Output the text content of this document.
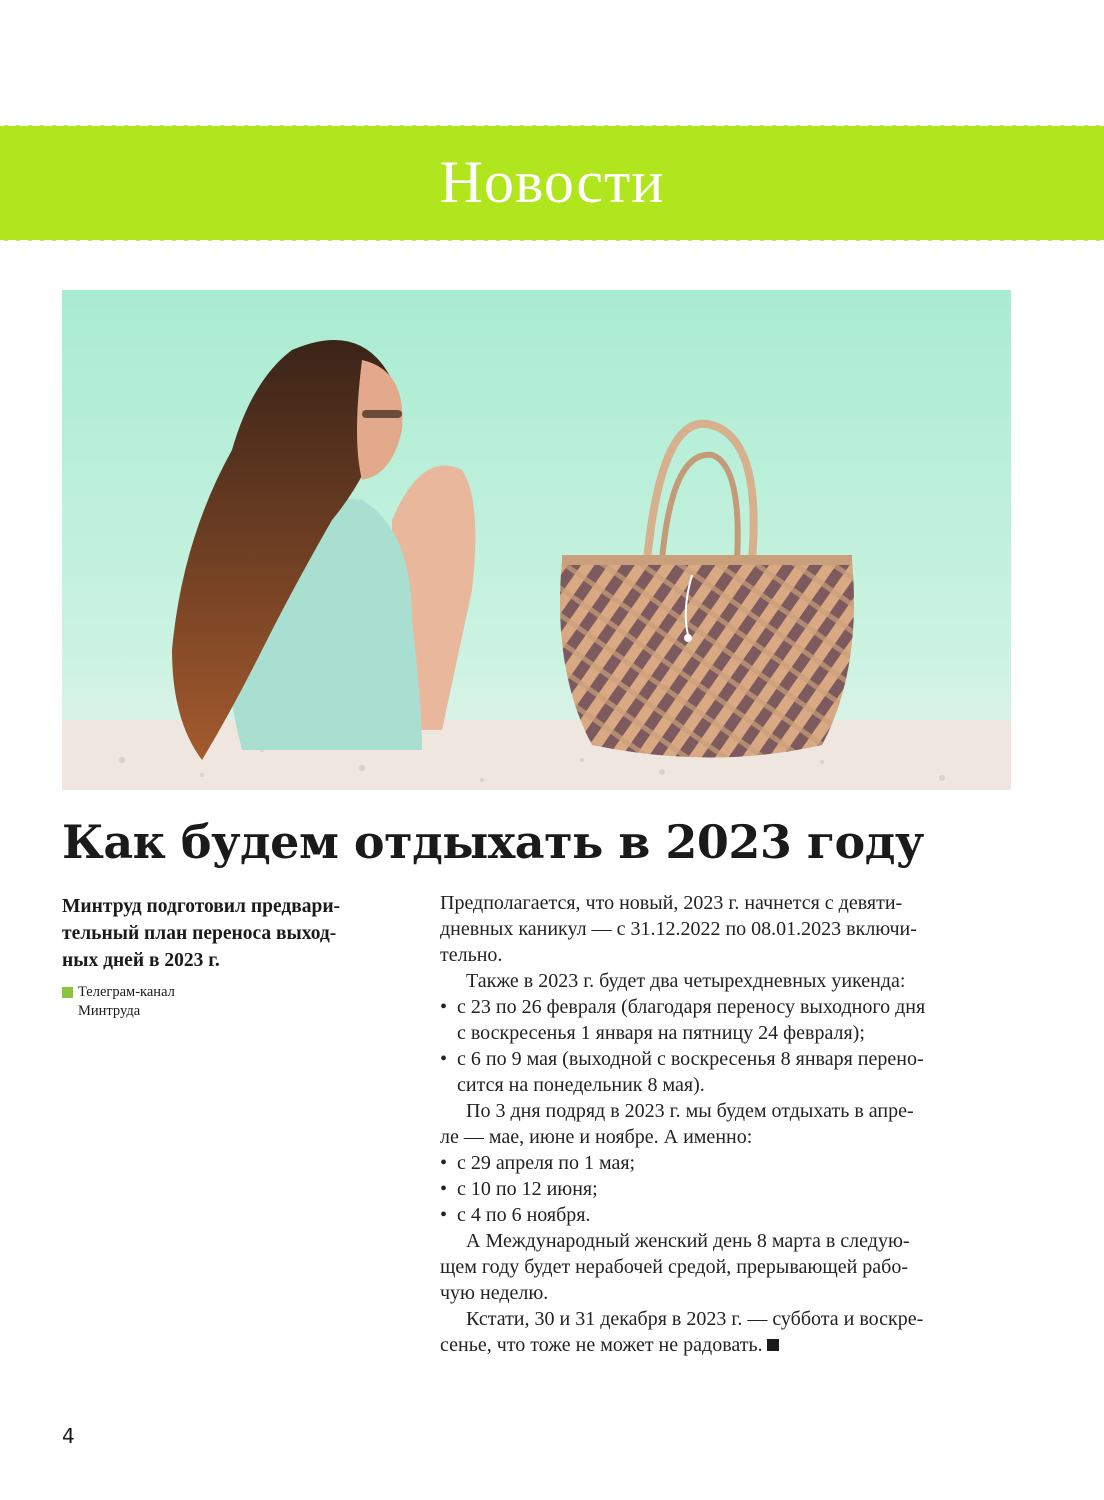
Новости
Как будем отдыхать в 2023 году

Минтруд подготовил предвари-
тельный план переноса выход-
ных дней в 2023 г.

Телеграм-канал
Минтруда
Предполагается, что новый, 2023 г. начнется с девяти-
дневных каникул — с 31.12.2022 по 08.01.2023 включи-
тельно.
Также в 2023 г. будет два четырехдневных уикенда:
• с 23 по 26 февраля (благодаря переносу выходного дня
с воскресенья 1 января на пятницу 24 февраля);
• с 6 по 9 мая (выходной с воскресенья 8 января перено-
сится на понедельник 8 мая).
По 3 дня подряд в 2023 г. мы будем отдыхать в апре-
ле — мае, июне и ноябре. А именно:
• с 29 апреля по 1 мая;
• с 10 по 12 июня;
• с 4 по 6 ноября.
А Международный женский день 8 марта в следую-
щем году будет нерабочей средой, прерывающей рабо-
чую неделю.
Кстати, 30 и 31 декабря в 2023 г. — суббота и воскре-
сенье, что тоже не может не радовать.
4
